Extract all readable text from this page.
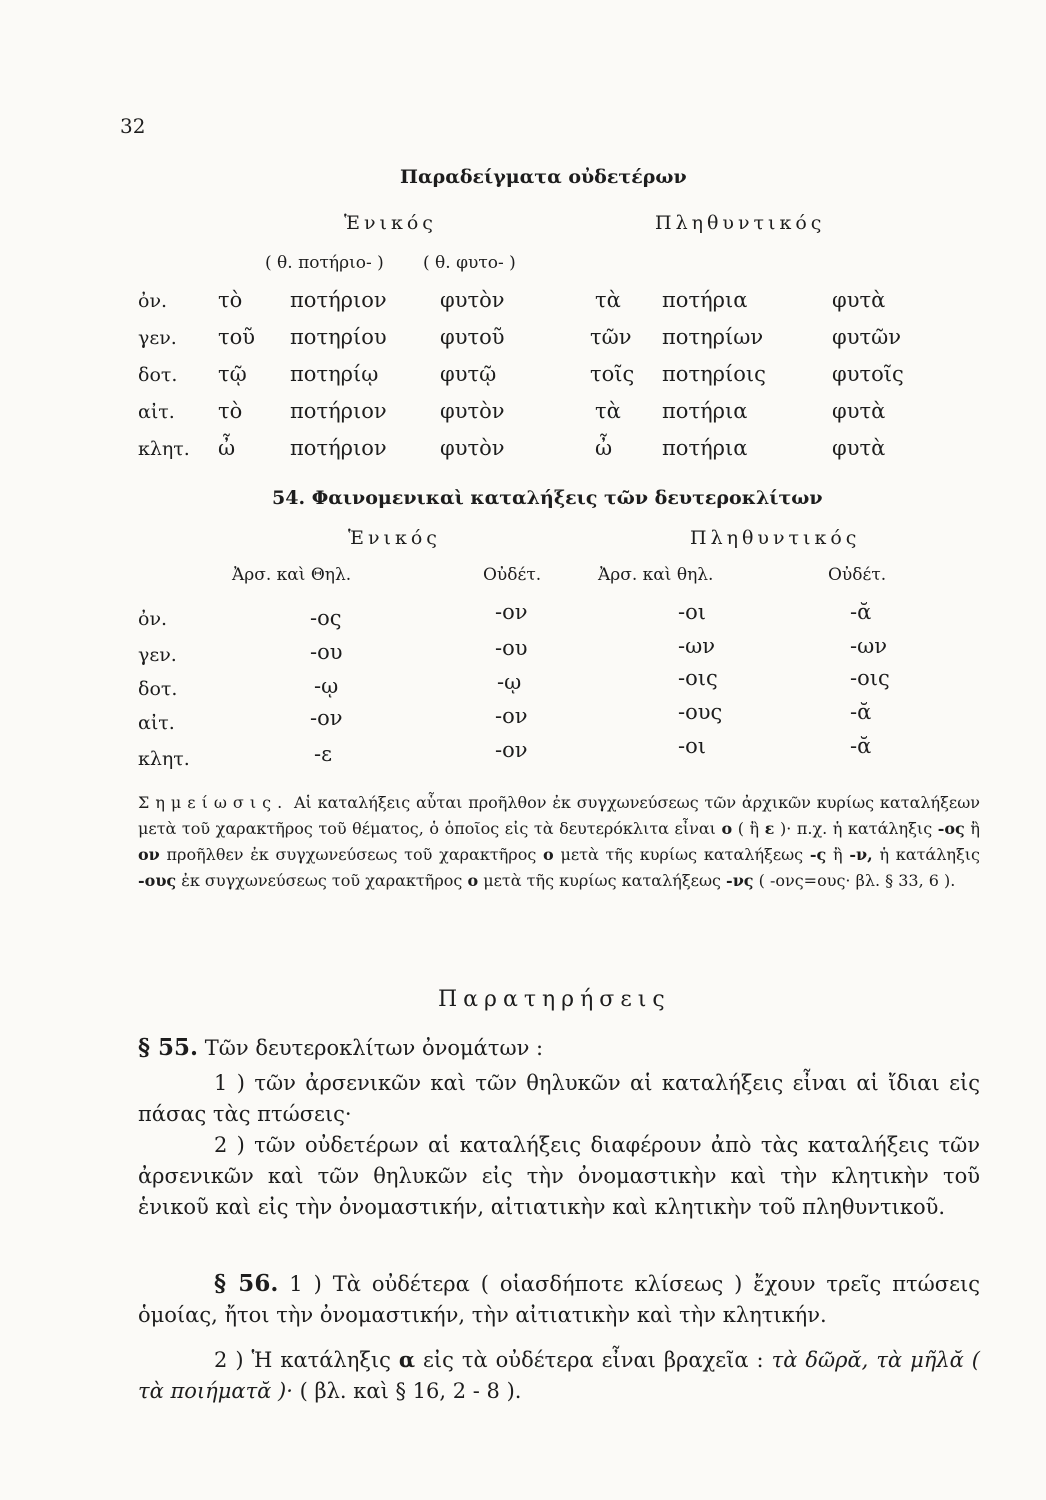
32
Παραδείγματα οὐδετέρων
Ἑνικός	Πληθυντικός
( θ. ποτήριο- ) ( θ. φυτο- )
ὀν. τὸ ποτήριον	φυτὸν	τὰ ποτήρια	φυτὰ
γεν. τοῦ ποτηρίου	φυτοῦ	τῶν ποτηρίων	φυτῶν
δοτ. τῷ ποτηρίῳ	φυτῷ	τοῖς ποτηρίοις	φυτοῖς
αἰτ. τὸ ποτήριον	φυτὸν	τὰ ποτήρια	φυτὰ
κλητ. ὦ	ποτήριον	φυτὸν	ὦ ποτήρια	φυτὰ
54. Φαινομενικαὶ καταλήξεις τῶν δευτεροκλίτων
Ἑνικός	Πληθυντικός
Ἀρσ. καὶ Θηλ.	Οὐδέτ.	Ἀρσ. καὶ θηλ.	Οὐδέτ.
ὀν.	-ος	-ον	-οι	-ᾰ
γεν.	-ου	-ου	-ων	-ων
δοτ.	-ῳ	-ῳ	-οις	-οις
αἰτ.	-ον	-ον	-ους	-ᾰ
κλητ.	-ε	-ον	-οι	-ᾰ
Σημείωσις. Αἱ καταλήξεις αὗται προῆλθον ἐκ συγχωνεύσεως τῶν ἀρχικῶν κυρίως καταλήξεων μετὰ τοῦ χαρακτῆρος τοῦ θέματος, ὁ ὁποῖος εἰς τὰ δευτερόκλιτα εἶναι ο ( ἢ ε )· π.χ. ἡ κατάληξις -ος ἢ ον προῆλθεν ἐκ συγχωνεύσεως τοῦ χαρακτῆρος ο μετὰ τῆς κυρίως καταλήξεως -ς ἢ -ν, ἡ κατάληξις -ους ἐκ συγχωνεύσεως τοῦ χαρακτῆρος ο μετὰ τῆς κυρίως καταλήξεως -νς ( -ονς=ους· βλ. § 33, 6 ).
Παρατηρήσεις
§ 55. Τῶν δευτεροκλίτων ὀνομάτων :
1 ) τῶν ἀρσενικῶν καὶ τῶν θηλυκῶν αἱ καταλήξεις εἶναι αἱ ἴδιαι εἰς πάσας τὰς πτώσεις·
2 ) τῶν οὐδετέρων αἱ καταλήξεις διαφέρουν ἀπὸ τὰς καταλήξεις τῶν ἀρσενικῶν καὶ τῶν θηλυκῶν εἰς τὴν ὀνομαστικὴν καὶ τὴν κλητικὴν τοῦ ἑνικοῦ καὶ εἰς τὴν ὀνομαστικήν, αἰτιατικὴν καὶ κλητικὴν τοῦ πληθυντικοῦ.
§ 56. 1 ) Τὰ οὐδέτερα ( οἱασδήποτε κλίσεως ) ἔχουν τρεῖς πτώσεις ὁμοίας, ἤτοι τὴν ὀνομαστικήν, τὴν αἰτιατικὴν καὶ τὴν κλητικήν.
2 ) Ἡ κατάληξις α εἰς τὰ οὐδέτερα εἶναι βραχεῖα : τὰ δῶρᾰ, τὰ μῆλᾰ ( τὰ ποιήματᾰ )· ( βλ. καὶ § 16, 2 - 8 ).
